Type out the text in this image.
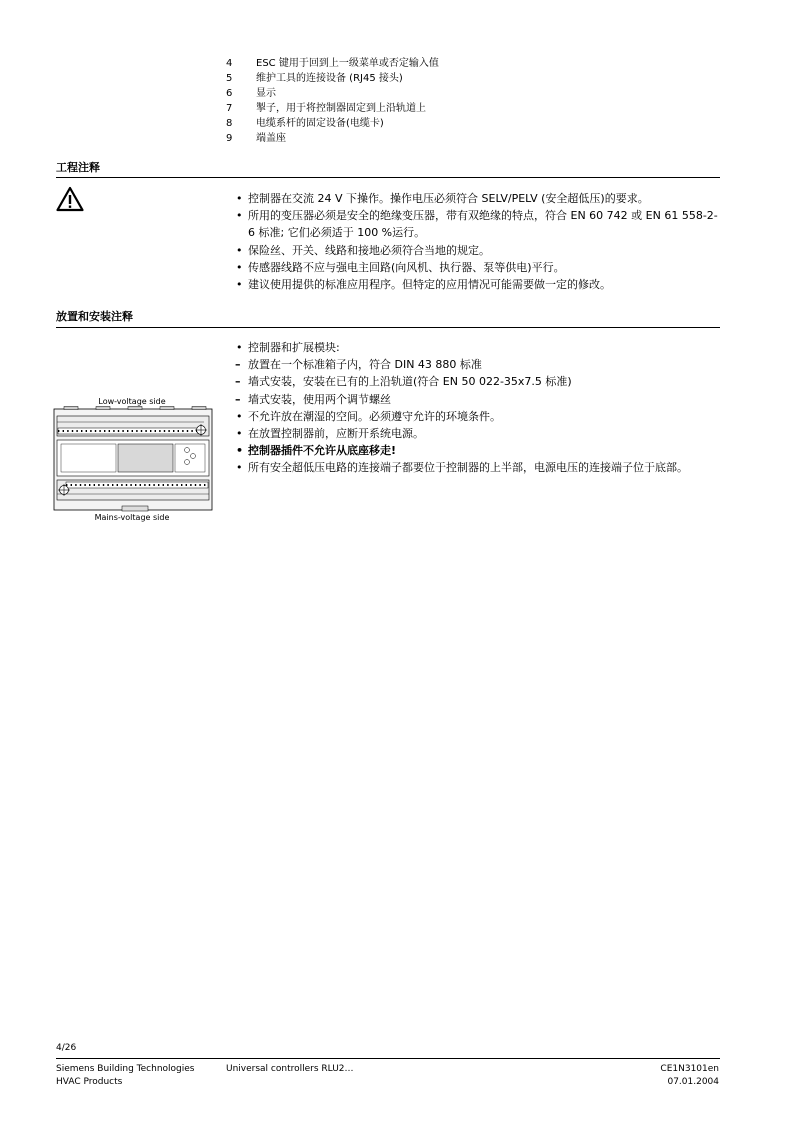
4 ESC 键用于回到上一级菜单或否定输入值
5 维护工具的连接设备 (RJ45 接头)
6 显示
7 掣子，用于将控制器固定到上沿轨道上
8 电缆系杆的固定设备(电缆卡)
9 端盖座
工程注释
• 控制器在交流 24 V 下操作。操作电压必须符合 SELV/PELV (安全超低压)的要求。
• 所用的变压器必须是安全的绝缘变压器，带有双绝缘的特点，符合 EN 60 742 或 EN 61 558-2-6 标准; 它们必须适于 100 %运行。
• 保险丝、开关、线路和接地必须符合当地的规定。
• 传感器线路不应与强电主回路(向风机、执行器、泵等供电)平行。
• 建议使用提供的标准应用程序。但特定的应用情况可能需要做一定的修改。
放置和安装注释
Low-voltage side
Mains-voltage side
• 控制器和扩展模块:
– 放置在一个标准箱子内，符合 DIN 43 880 标准
– 墙式安装，安装在已有的上沿轨道(符合 EN 50 022-35x7.5 标准)
– 墙式安装，使用两个调节螺丝
• 不允许放在潮湿的空间。必须遵守允许的环境条件。
• 在放置控制器前，应断开系统电源。
• 控制器插件不允许从底座移走!
• 所有安全超低压电路的连接端子都要位于控制器的上半部，电源电压的连接端子位于底部。
4/26
Siemens Building Technologies
HVAC Products
Universal controllers RLU2…	CE1N3101en
07.01.2004
